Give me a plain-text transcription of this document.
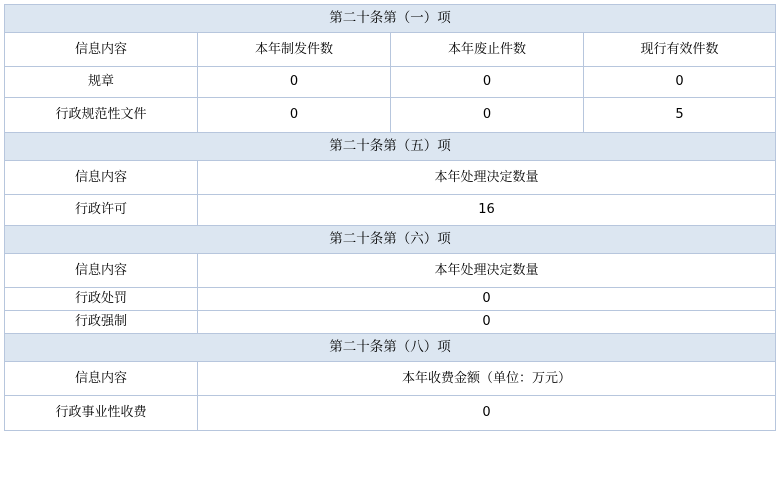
第二十条第（一）项			
信息内容	本年制发件数	本年废止件数	现行有效件数
规章	0	0	0
行政规范性文件	0	0	5
第二十条第（五）项			
信息内容	本年处理决定数量		
行政许可	16		
第二十条第（六）项			
信息内容	本年处理决定数量		
行政处罚	0		
行政强制	0		
第二十条第（八）项			
信息内容	本年收费金额（单位：万元）		
行政事业性收费	0		
